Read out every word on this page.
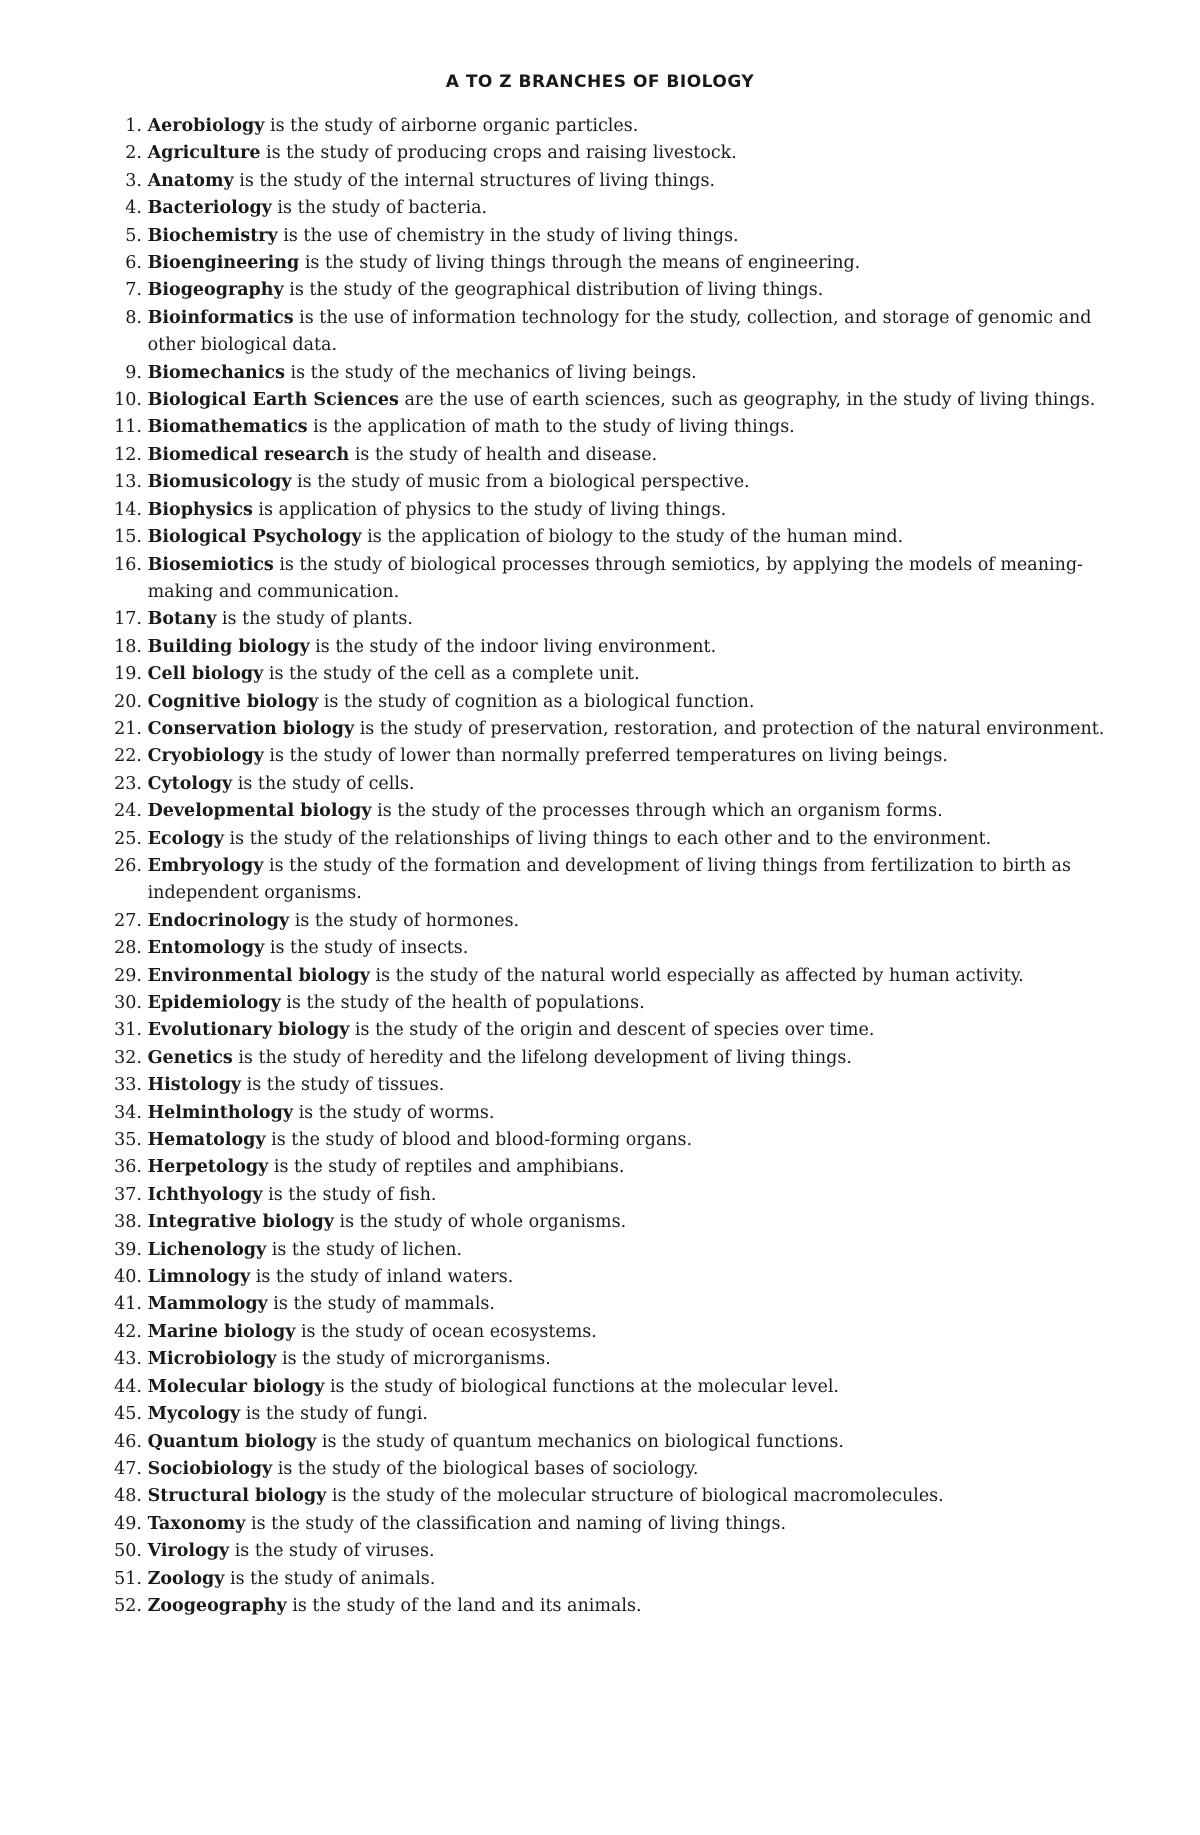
A TO Z BRANCHES OF BIOLOGY
1.
Aerobiology is the study of airborne organic particles.
2.
Agriculture is the study of producing crops and raising livestock.
3.
Anatomy is the study of the internal structures of living things.
4.
Bacteriology is the study of bacteria.
5.
Biochemistry is the use of chemistry in the study of living things.
6.
Bioengineering is the study of living things through the means of engineering.
7.
Biogeography is the study of the geographical distribution of living things.
8.
Bioinformatics is the use of information technology for the study, collection, and storage of genomic and other biological data.
9.
Biomechanics is the study of the mechanics of living beings.
10.
Biological Earth Sciences are the use of earth sciences, such as geography, in the study of living things.
11.
Biomathematics is the application of math to the study of living things.
12.
Biomedical research is the study of health and disease.
13.
Biomusicology is the study of music from a biological perspective.
14.
Biophysics is application of physics to the study of living things.
15.
Biological Psychology is the application of biology to the study of the human mind.
16.
Biosemiotics is the study of biological processes through semiotics, by applying the models of meaning-making and communication.
17.
Botany is the study of plants.
18.
Building biology is the study of the indoor living environment.
19.
Cell biology is the study of the cell as a complete unit.
20.
Cognitive biology is the study of cognition as a biological function.
21.
Conservation biology is the study of preservation, restoration, and protection of the natural environment.
22.
Cryobiology is the study of lower than normally preferred temperatures on living beings.
23.
Cytology is the study of cells.
24.
Developmental biology is the study of the processes through which an organism forms.
25.
Ecology is the study of the relationships of living things to each other and to the environment.
26.
Embryology is the study of the formation and development of living things from fertilization to birth as independent organisms.
27.
Endocrinology is the study of hormones.
28.
Entomology is the study of insects.
29.
Environmental biology is the study of the natural world especially as affected by human activity.
30.
Epidemiology is the study of the health of populations.
31.
Evolutionary biology is the study of the origin and descent of species over time.
32.
Genetics is the study of heredity and the lifelong development of living things.
33.
Histology is the study of tissues.
34.
Helminthology is the study of worms.
35.
Hematology is the study of blood and blood-forming organs.
36.
Herpetology is the study of reptiles and amphibians.
37.
Ichthyology is the study of fish.
38.
Integrative biology is the study of whole organisms.
39.
Lichenology is the study of lichen.
40.
Limnology is the study of inland waters.
41.
Mammology is the study of mammals.
42.
Marine biology is the study of ocean ecosystems.
43.
Microbiology is the study of microrganisms.
44.
Molecular biology is the study of biological functions at the molecular level.
45.
Mycology is the study of fungi.
46.
Quantum biology is the study of quantum mechanics on biological functions.
47.
Sociobiology is the study of the biological bases of sociology.
48.
Structural biology is the study of the molecular structure of biological macromolecules.
49.
Taxonomy is the study of the classification and naming of living things.
50.
Virology is the study of viruses.
51.
Zoology is the study of animals.
52.
Zoogeography is the study of the land and its animals.
